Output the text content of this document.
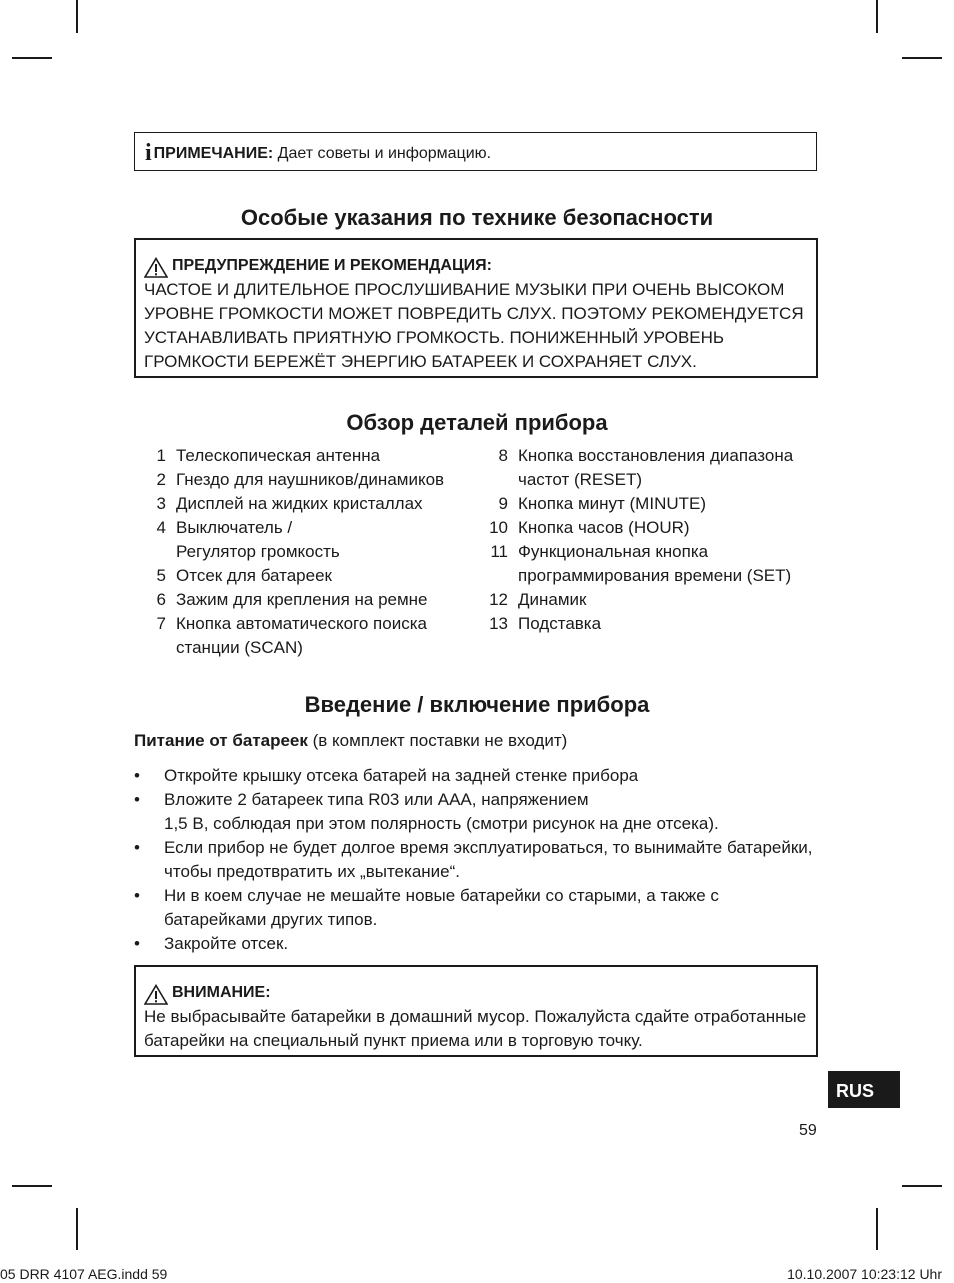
iПРИМЕЧАНИЕ: Дает советы и информацию.
Особые указания по технике безопасности
ПРЕДУПРЕЖДЕНИЕ И РЕКОМЕНДАЦИЯ:
ЧАСТОЕ И ДЛИТЕЛЬНОЕ ПРОСЛУШИВАНИЕ МУЗЫКИ ПРИ ОЧЕНЬ ВЫСОКОМ
УРОВНЕ ГРОМКОСТИ МОЖЕТ ПОВРЕДИТЬ СЛУХ. ПОЭТОМУ РЕКОМЕНДУЕТСЯ
УСТАНАВЛИВАТЬ ПРИЯТНУЮ ГРОМКОСТЬ. ПОНИЖЕННЫЙ УРОВЕНЬ
ГРОМКОСТИ БЕРЕЖЁТ ЭНЕРГИЮ БАТАРЕЕК И СОХРАНЯЕТ СЛУХ.
Обзор деталей прибора
1 Телескопическая антенна
2 Гнездо для наушников/динамиков
3 Дисплей на жидких кристаллах
4 Выключатель /
Регулятор громкость
5 Отсек для батареек
6 Зажим для крепления на ремне
7 Кнопка автоматического поиска
станции (SCAN)
8 Кнопка восстановления диапазона
частот (RESET)
9 Кнопка минут (MINUTE)
10 Кнопка часов (HOUR)
11 Функциональная кнопка
программирования времени (SET)
12 Динамик
13 Подставка
Введение / включение прибора
Питание от батареек (в комплект поставки не входит)
•	Откройте крышку отсека батарей на задней стенке прибора
•	Вложите 2 батареек типа R03 или AAA, напряжением
1,5 В, соблюдая при этом полярность (смотри рисунок на дне отсека).
•	Если прибор не будет долгое время эксплуатироваться, то вынимайте батарейки,
чтобы предотвратить их „вытекание“.
•	Ни в коем случае не мешайте новые батарейки со старыми, а также с
батарейками других типов.
•	Закройте отсек.
ВНИМАНИЕ:
Не выбрасывайте батарейки в домашний мусор. Пожалуйста сдайте отработанные
батарейки на специальный пункт приема или в торговую точку.
RUS
59
05 DRR 4107 AEG.indd 59	10.10.2007 10:23:12 Uhr
